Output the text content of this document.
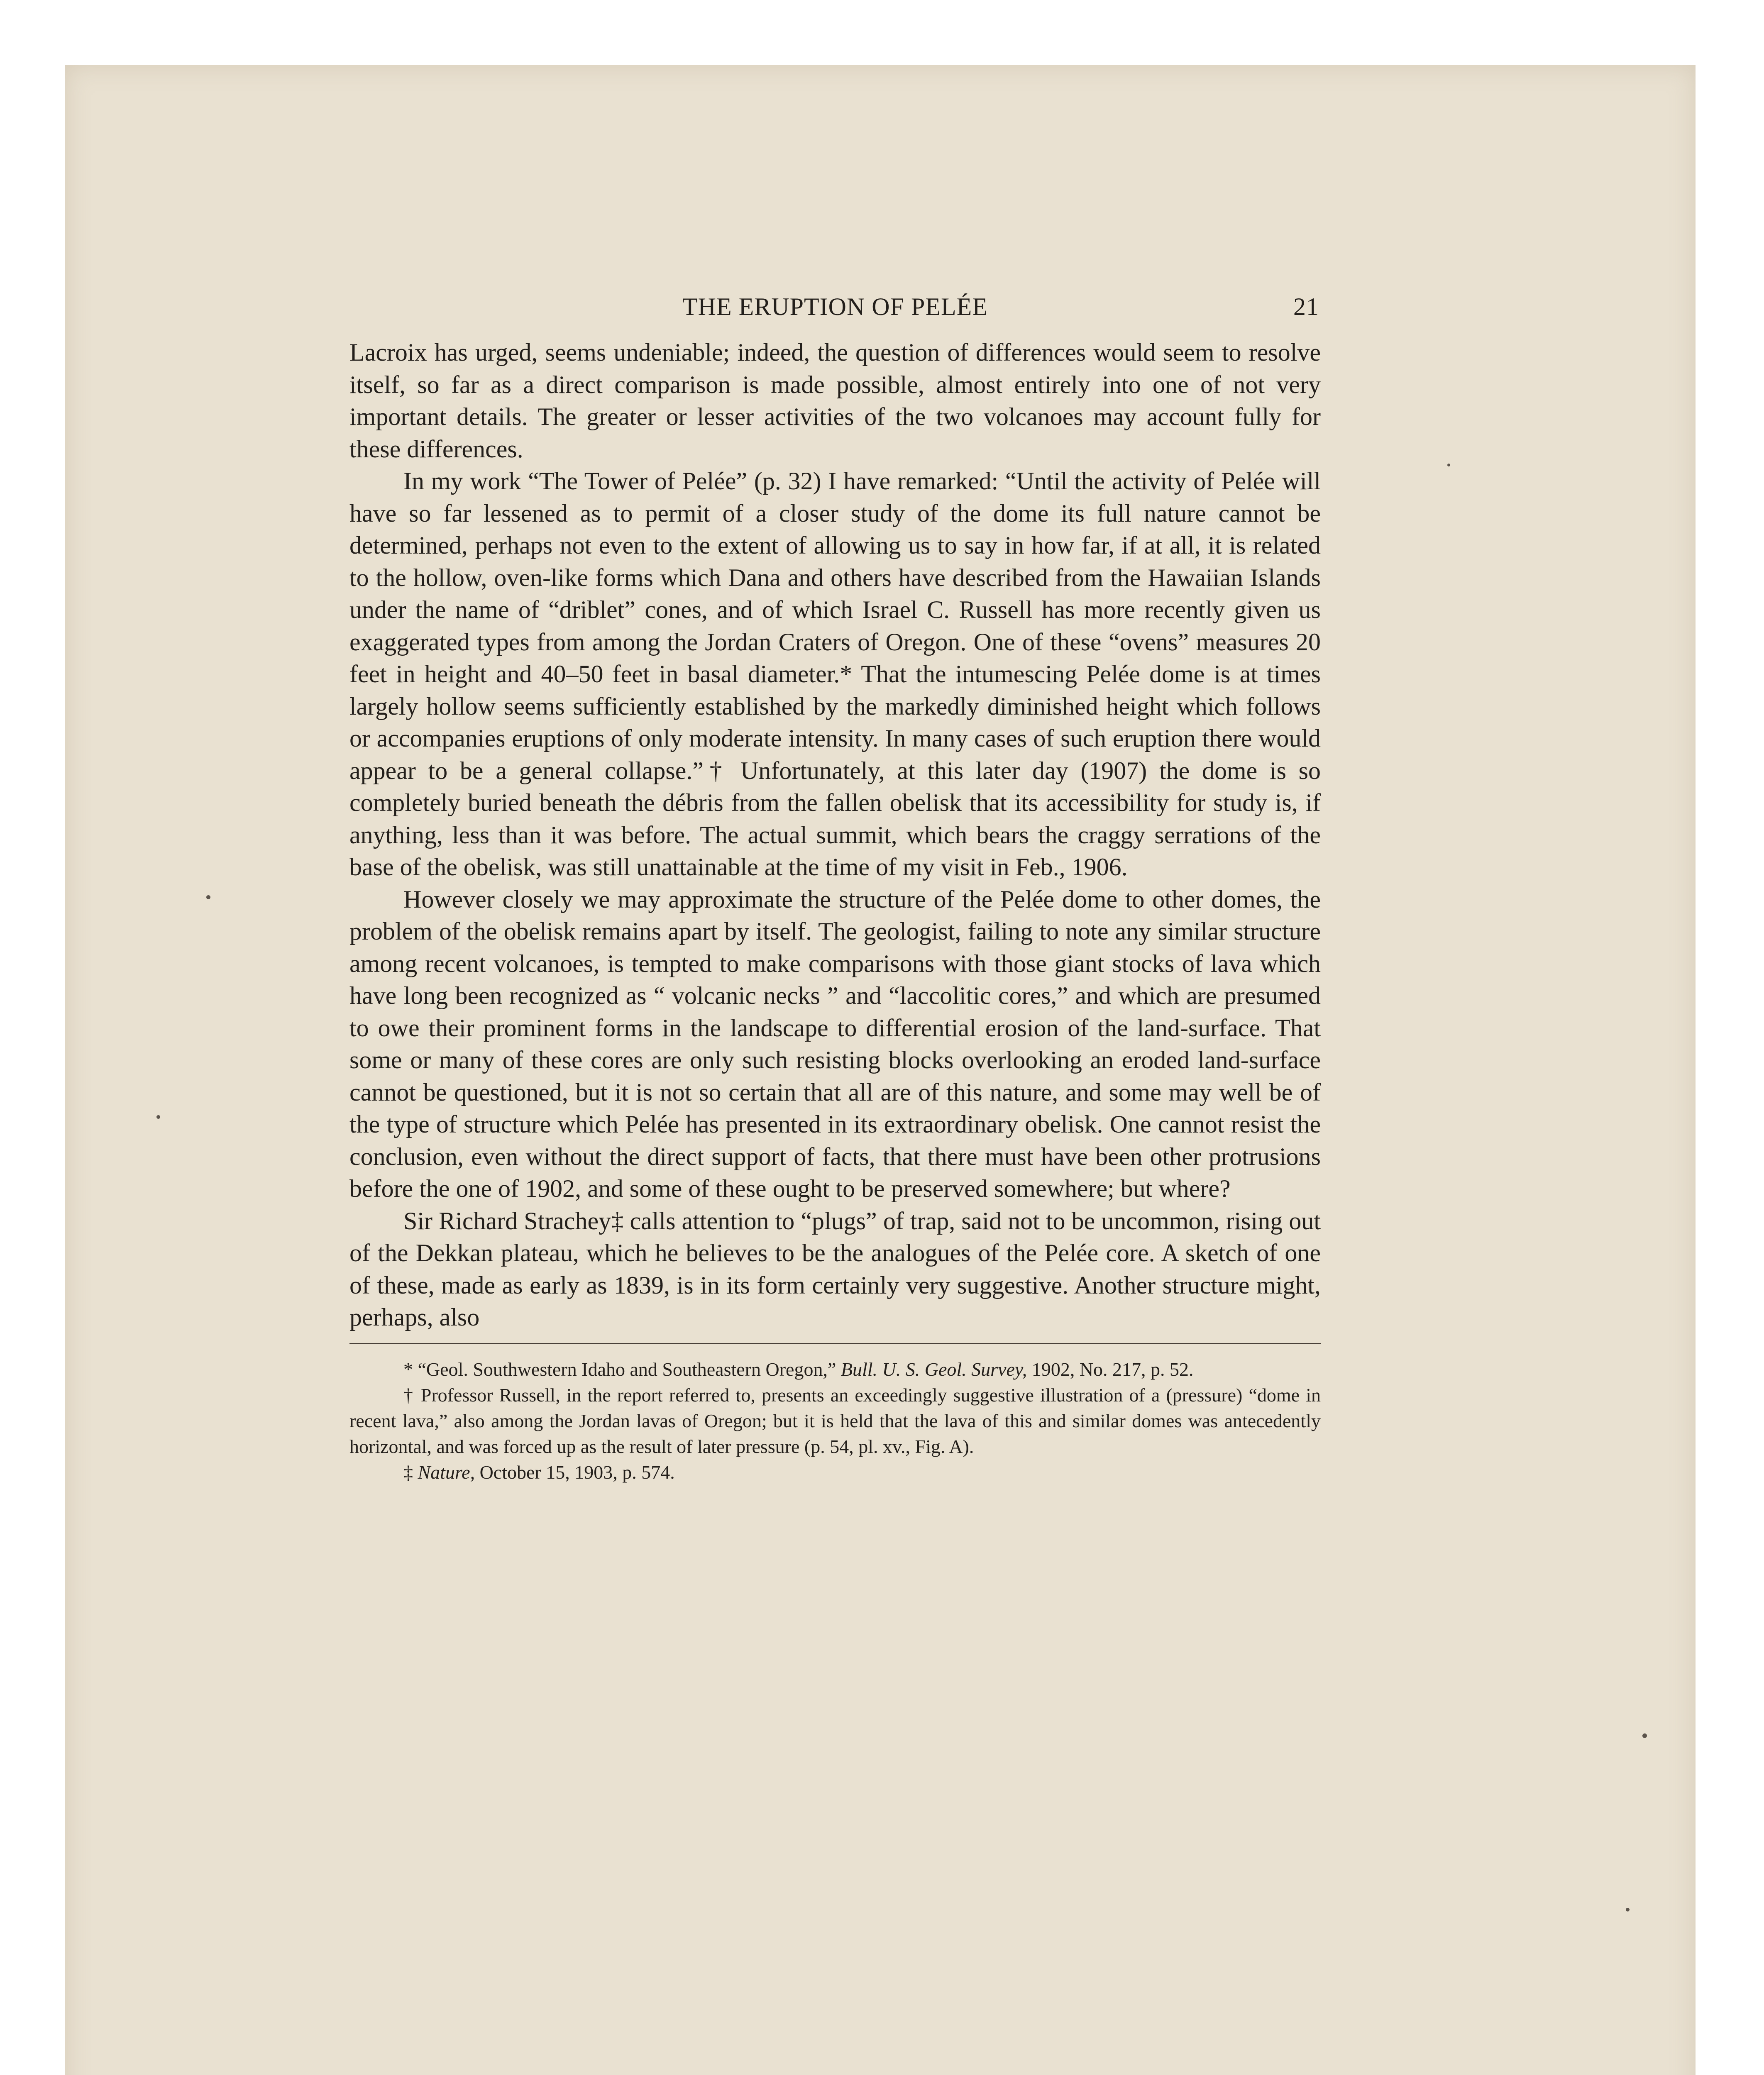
THE ERUPTION OF PELÉE	21

Lacroix has urged, seems undeniable; indeed, the question of differences would seem to resolve itself, so far as a direct comparison is made possible, almost entirely into one of not very important details. The greater or lesser activities of the two volcanoes may account fully for these differences.

In my work “The Tower of Pelée” (p. 32) I have remarked: “Until the activity of Pelée will have so far lessened as to permit of a closer study of the dome its full nature cannot be determined, perhaps not even to the extent of allowing us to say in how far, if at all, it is related to the hollow, oven-like forms which Dana and others have described from the Hawaiian Islands under the name of “driblet” cones, and of which Israel C. Russell has more recently given us exaggerated types from among the Jordan Craters of Oregon. One of these “ovens” measures 20 feet in height and 40–50 feet in basal diameter.* That the intumescing Pelée dome is at times largely hollow seems sufficiently established by the markedly diminished height which follows or accompanies eruptions of only moderate intensity. In many cases of such eruption there would appear to be a general collapse.”† Unfortunately, at this later day (1907) the dome is so completely buried beneath the débris from the fallen obelisk that its accessibility for study is, if anything, less than it was before. The actual summit, which bears the craggy serrations of the base of the obelisk, was still unattainable at the time of my visit in Feb., 1906.

However closely we may approximate the structure of the Pelée dome to other domes, the problem of the obelisk remains apart by itself. The geologist, failing to note any similar structure among recent volcanoes, is tempted to make comparisons with those giant stocks of lava which have long been recognized as “ volcanic necks ” and “laccolitic cores,” and which are presumed to owe their prominent forms in the landscape to differential erosion of the land-surface. That some or many of these cores are only such resisting blocks overlooking an eroded land-surface cannot be questioned, but it is not so certain that all are of this nature, and some may well be of the type of structure which Pelée has presented in its extraordinary obelisk. One cannot resist the conclusion, even without the direct support of facts, that there must have been other protrusions before the one of 1902, and some of these ought to be preserved somewhere; but where?

Sir Richard Strachey‡ calls attention to “plugs” of trap, said not to be uncommon, rising out of the Dekkan plateau, which he believes to be the analogues of the Pelée core. A sketch of one of these, made as early as 1839, is in its form certainly very suggestive. Another structure might, perhaps, also

* “Geol. Southwestern Idaho and Southeastern Oregon,” Bull. U. S. Geol. Survey, 1902, No. 217, p. 52.

† Professor Russell, in the report referred to, presents an exceedingly suggestive illustration of a (pressure) “dome in recent lava,” also among the Jordan lavas of Oregon; but it is held that the lava of this and similar domes was antecedently horizontal, and was forced up as the result of later pressure (p. 54, pl. xv., Fig. A).

‡ Nature, October 15, 1903, p. 574.
